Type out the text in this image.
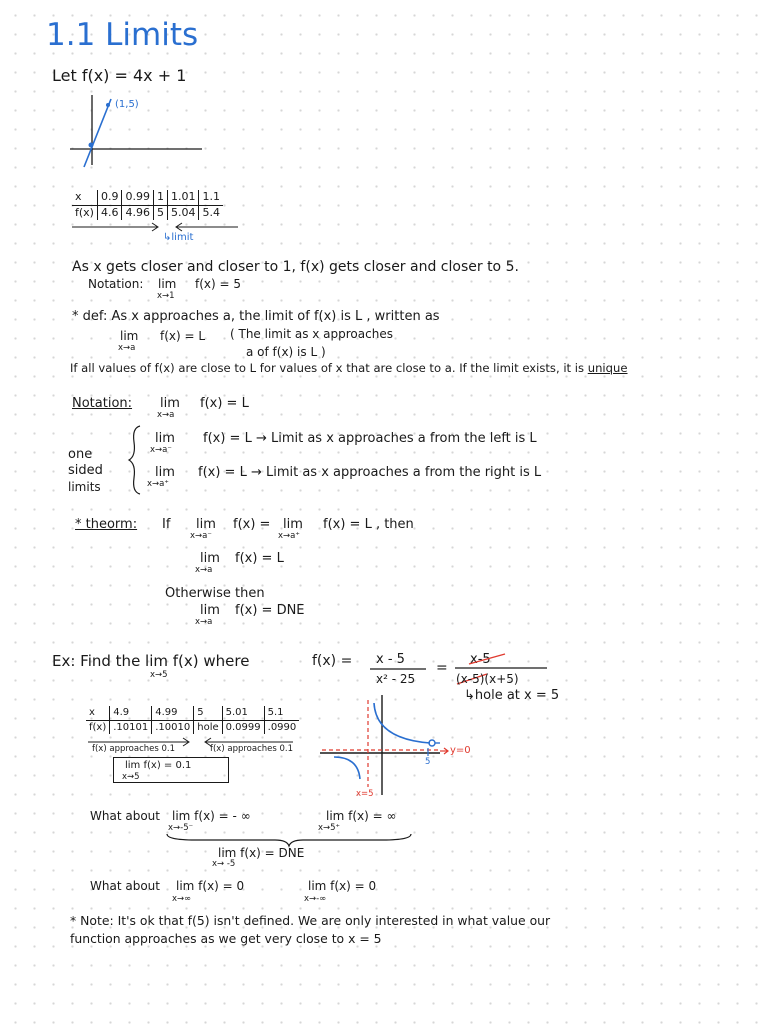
1.1 Limits
Let f(x) = 4x + 1
(1,5)
x	0.9	0.99	1	1.01	1.1
f(x)	4.6	4.96	5	5.04	5.4
↳limit
As x gets closer and closer to 1, f(x) gets closer and closer to 5.
Notation: lim f(x) = 5
x→1
* def: As x approaches a, the limit of f(x) is L , written as
lim f(x) = L
x→a
( The limit as x approaches
a of f(x) is L )
If all values of f(x) are close to L for values of x that are close to a. If the limit exists, it is unique
Notation: lim f(x) = L
x→a
one
sided
limits
lim f(x) = L → Limit as x approaches a from the left is L
x→a⁻
lim f(x) = L → Limit as x approaches a from the right is L
x→a⁺
* theorm: If lim f(x) =
x→a⁻
lim f(x) = L , then
x→a⁺
lim f(x) = L
x→a
Otherwise then
lim f(x) = DNE
x→a
Ex: Find the lim f(x) where
x→5
f(x) = x - 5
x² - 25
=
x-5
(x-5)(x+5)
↳hole at x = 5
x	4.9	4.99	5	5.01	5.1
f(x)	.10101	.10010	hole	0.0999	.0990
f(x) approaches 0.1	f(x) approaches 0.1
lim f(x) = 0.1
x→5
y=0
x=5
5
What about lim f(x) = - ∞
x→-5⁻
lim f(x) = ∞
x→5⁺
lim f(x) = DNE
x→ -5
What about lim f(x) = 0
x→∞
lim f(x) = 0
x→-∞
* Note: It's ok that f(5) isn't defined. We are only interested in what value our
function approaches as we get very close to x = 5
